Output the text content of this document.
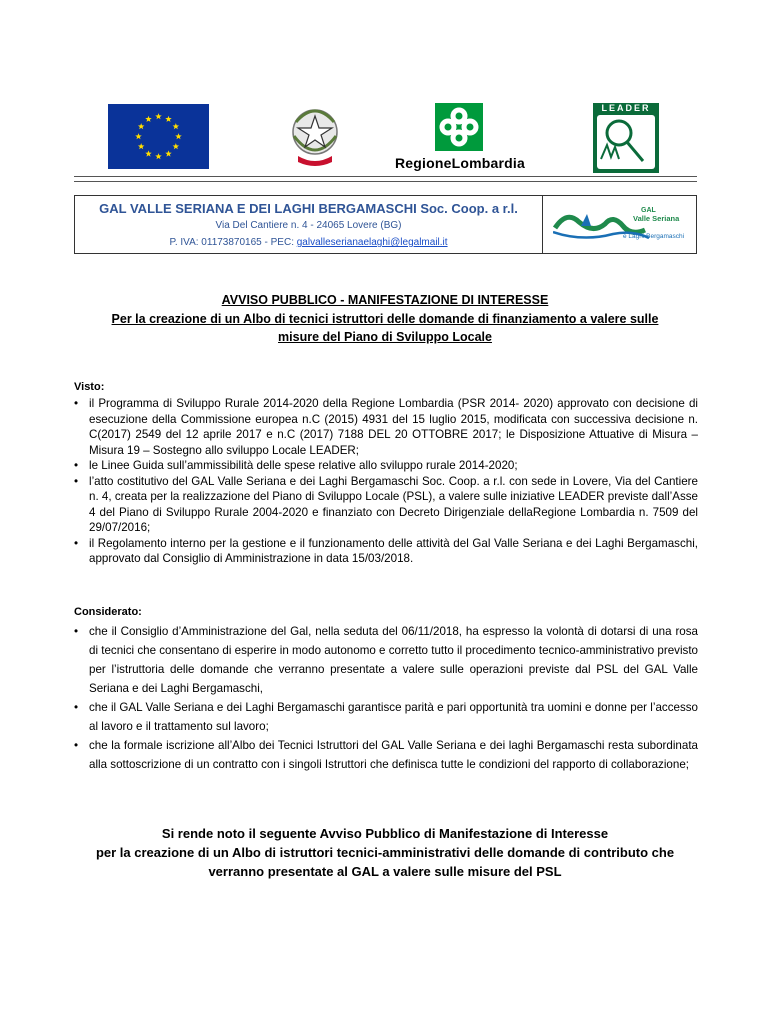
RegioneLombardia
LEADER
GAL VALLE SERIANA E DEI LAGHI BERGAMASCHI Soc. Coop. a r.l.
Via Del Cantiere n. 4 - 24065 Lovere (BG)
P. IVA: 01173870165 - PEC: galvalleserianaelaghi@legalmail.it
GAL
Valle Seriana
e Laghi Bergamaschi
AVVISO PUBBLICO - MANIFESTAZIONE DI INTERESSE
Per la creazione di un Albo di tecnici istruttori delle domande di finanziamento a valere sulle
misure del Piano di Sviluppo Locale
Visto:
• il Programma di Sviluppo Rurale 2014-2020 della Regione Lombardia (PSR 2014- 2020) approvato con decisione di esecuzione della Commissione europea n.C (2015) 4931 del 15 luglio 2015, modificata con successiva decisione n. C(2017) 2549 del 12 aprile 2017 e n.C (2017) 7188 DEL 20 OTTOBRE 2017; le Disposizione Attuative di Misura – Misura 19 – Sostegno allo sviluppo Locale LEADER;
• le Linee Guida sull’ammissibilità delle spese relative allo sviluppo rurale 2014-2020;
• l’atto costitutivo del GAL Valle Seriana e dei Laghi Bergamaschi Soc. Coop. a r.l. con sede in Lovere, Via del Cantiere n. 4, creata per la realizzazione del Piano di Sviluppo Locale (PSL), a valere sulle iniziative LEADER previste dall’Asse 4 del Piano di Sviluppo Rurale 2004-2020 e finanziato con Decreto Dirigenziale dellaRegione Lombardia n. 7509 del 29/07/2016;
• il Regolamento interno per la gestione e il funzionamento delle attività del Gal Valle Seriana e dei Laghi Bergamaschi, approvato dal Consiglio di Amministrazione in data 15/03/2018.
Considerato:
• che il Consiglio d’Amministrazione del Gal, nella seduta del 06/11/2018, ha espresso la volontà di dotarsi di una rosa di tecnici che consentano di esperire in modo autonomo e corretto tutto il procedimento tecnico-amministrativo previsto per l’istruttoria delle domande che verranno presentate a valere sulle operazioni previste dal PSL del GAL Valle Seriana e dei Laghi Bergamaschi,
• che il GAL Valle Seriana e dei Laghi Bergamaschi garantisce parità e pari opportunità tra uomini e donne per l’accesso al lavoro e il trattamento sul lavoro;
• che la formale iscrizione all’Albo dei Tecnici Istruttori del GAL Valle Seriana e dei laghi Bergamaschi resta subordinata alla sottoscrizione di un contratto con i singoli Istruttori che definisca tutte le condizioni del rapporto di collaborazione;
Si rende noto il seguente Avviso Pubblico di Manifestazione di Interesse
per la creazione di un Albo di istruttori tecnici-amministrativi delle domande di contributo che
verranno presentate al GAL a valere sulle misure del PSL
